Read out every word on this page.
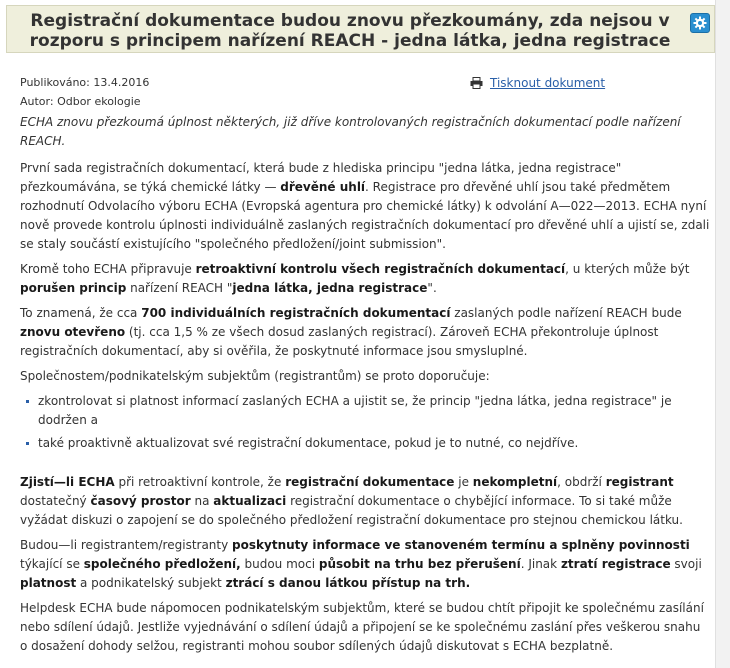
Registrační dokumentace budou znovu přezkoumány, zda nejsou v
rozporu s principem nařízení REACH - jedna látka, jedna registrace
Publikováno: 13.4.2016
Autor: Odbor ekologie
Tisknout dokument

ECHA znovu přezkoumá úplnost některých, již dříve kontrolovaných registračních dokumentací podle nařízení REACH.

První sada registračních dokumentací, která bude z hlediska principu "jedna látka, jedna registrace" přezkoumávána, se týká chemické látky — dřevěné uhlí. Registrace pro dřevěné uhlí jsou také předmětem rozhodnutí Odvolacího výboru ECHA (Evropská agentura pro chemické látky) k odvolání A—022—2013. ECHA nyní nově provede kontrolu úplnosti individuálně zaslaných registračních dokumentací pro dřevěné uhlí a ujistí se, zdali se staly součástí existujícího "společného předložení/joint submission".

Kromě toho ECHA připravuje retroaktivní kontrolu všech registračních dokumentací, u kterých může být porušen princip nařízení REACH "jedna látka, jedna registrace".

To znamená, že cca 700 individuálních registračních dokumentací zaslaných podle nařízení REACH bude znovu otevřeno (tj. cca 1,5 % ze všech dosud zaslaných registrací). Zároveň ECHA překontroluje úplnost registračních dokumentací, aby si ověřila, že poskytnuté informace jsou smysluplné.

Společnostem/podnikatelským subjektům (registrantům) se proto doporučuje:

zkontrolovat si platnost informací zaslaných ECHA a ujistit se, že princip "jedna látka, jedna registrace" je dodržen a
také proaktivně aktualizovat své registrační dokumentace, pokud je to nutné, co nejdříve.

Zjistí—li ECHA při retroaktivní kontrole, že registrační dokumentace je nekompletní, obdrží registrant dostatečný časový prostor na aktualizaci registrační dokumentace o chybějící informace. To si také může vyžádat diskuzi o zapojení se do společného předložení registrační dokumentace pro stejnou chemickou látku.

Budou—li registrantem/registranty poskytnuty informace ve stanoveném termínu a splněny povinnosti týkající se společného předložení, budou moci působit na trhu bez přerušení. Jinak ztratí registrace svoji platnost a podnikatelský subjekt ztrácí s danou látkou přístup na trh.

Helpdesk ECHA bude nápomocen podnikatelským subjektům, které se budou chtít připojit ke společnému zasílání nebo sdílení údajů. Jestliže vyjednávání o sdílení údajů a připojení se ke společnému zaslání přes veškerou snahu o dosažení dohody selžou, registranti mohou soubor sdílených údajů diskutovat s ECHA bezplatně.
